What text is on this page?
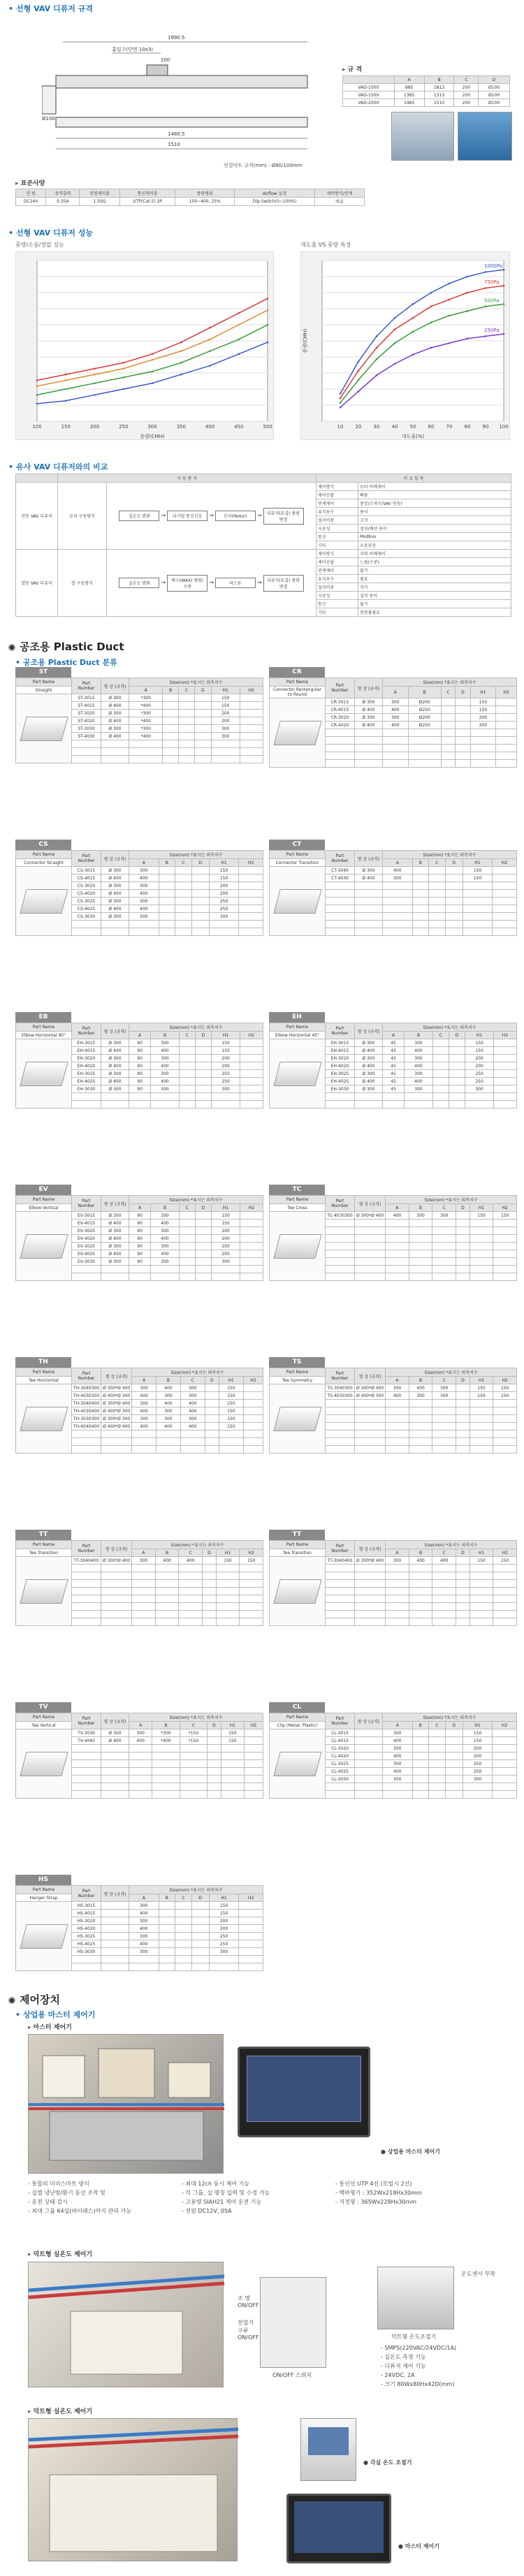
• 선형 VAV 디퓨저 규격
1990.5
흡입구(단면 10x3)
200
1480.5
1510
Ø100
연결덕트 규격(mm) : Ø80/100mm
▸ 규 격
	A	B	C	D
VAD-1000	885	1813	200	Ø100
VAD-1500	1385	1313	200	Ø100
VAD-2000	1485	1510	200	Ø100
▸ 표준사양
전 원	정격출력	전원케이블	통신케이블	풍량범위	Airflow 설정	제어방식/연계
DC24V	0.35A	1.5SQ	UTP(Cat.5) 2P	100~400, 25%	Dip Switch(0~100%)	액츄
• 선형 VAV 디퓨저 성능
풍량/소음/정압 성능	개도율 VS 풍량 특성
100	150	200	250	300	350	400	450	500
풍량(CMH)
10 20 30 40 50 60 70 80 90 100
개도율(%)
풍량(CMH)
1000Pa
750Pa
500Pa
250Pa
• 유사 VAV 디퓨저와의 비교
	작 동 방 식		비 교 항 목	
전동 VAV 디퓨저	모터 구동방식	실온도 변화 → 디지털 통신신호 → 모터(Motor) → 디퓨저(토출) 풍량변경	제어방식	모터 비례제어
			제어응답	빠름
			연계제어	중앙/스마트(VAV 연동)
			유지보수	용이
			설치비용	고가
			시공성	설치/배선 용이
			통신	Modbus
			기타	소음낮음
열동 VAV 디퓨저	열 구동방식	실온도 변화 → 왁스(WAX) 팽창/수축→ 피스톤 → 디퓨저(토출) 풍량변경	제어방식	자력 비례제어
			제어응답	느림(수분)
			연계제어	불가
			유지보수	필요
			설치비용	저가
			시공성	설치 용이
			통신	불가
			기타	전원불필요
공조용 Plastic Duct
• 공조용 Plastic Duct 분류
ST
Part Name	Part Number	형 상 (규격)	Size(mm) *표시는 외측치수					
Straight			A	B	C	D	H1	H2

	ST-3015	Ø 300	*300				150	
	ST-4015	Ø 400	*400				150	
	ST-3020	Ø 300	*300				200	
	ST-4020	Ø 400	*400				200	
	ST-3030	Ø 300	*300				300	
	ST-4030	Ø 400	*400				300	

CR
Part Name	Part Number	형 상 (규격)	Size(mm) *표시는 외측치수					
Connector Rectangular to Round			A	B	C	D	H1	H2

	CR-3015	Ø 300	300	Ø200			150	
	CR-4015	Ø 400	400	Ø250			150	
	CR-3020	Ø 300	300	Ø200			200	
	CR-4020	Ø 400	400	Ø250			200	

CS
Part Name	Part Number	형 상 (규격)	Size(mm) *표시는 외측치수					
Connector Straight			A	B	C	D	H1	H2

	CS-3015	Ø 300	300				150	
	CS-4015	Ø 400	400				150	
	CS-3020	Ø 300	300				200	
	CS-4020	Ø 400	400				200	
	CS-3025	Ø 300	300				250	
	CS-4025	Ø 400	400				250	
	CS-3030	Ø 300	300				300	

CT
Part Name	Part Number	형 상 (규격)	Size(mm) *표시는 외측치수					
Connector Transition			A	B	C	D	H1	H2

	CT-3040	Ø 300	400				150	
	CT-4030	Ø 400	300				150	

EB
Part Name	Part Number	형 상 (규격)	Size(mm) *표시는 외측치수					
Elbow Horizontal 90°			A	B	C	D	H1	H2

	EH-3015	Ø 300	90	300			150	
	EH-4015	Ø 400	90	400			150	
	EH-3020	Ø 300	90	300			200	
	EH-4020	Ø 400	90	400			200	
	EH-3025	Ø 300	90	300			250	
	EH-4025	Ø 400	90	400			250	
	EH-3030	Ø 300	90	300			300	

EH
Part Name	Part Number	형 상 (규격)	Size(mm) *표시는 외측치수					
Elbow Horizontal 45°			A	B	C	D	H1	H2

	EH-3015	Ø 300	45	300			150	
	EH-4015	Ø 400	45	400			150	
	EH-3020	Ø 300	45	300			200	
	EH-4020	Ø 400	45	400			200	
	EH-3025	Ø 300	45	300			250	
	EH-4025	Ø 400	45	400			250	
	EH-3030	Ø 300	45	300			300	

EV
Part Name	Part Number	형 상 (규격)	Size(mm) *표시는 외측치수					
Elbow Vertical			A	B	C	D	H1	H2

	EV-3015	Ø 300	90	300			150	
	EV-4015	Ø 400	90	400			150	
	EV-3020	Ø 300	90	300			200	
	EV-4020	Ø 400	90	400			200	
	EV-3025	Ø 300	90	300			250	
	EV-4025	Ø 400	90	400			250	
	EV-3030	Ø 300	90	300			300	

TC
Part Name	Part Number	형 상 (규격)	Size(mm) *표시는 외측치수					
Tee Cross			A	B	C	D	H1	H2

	TC-4030300	Ø 300*Ø 400	400	300	300		150	150

TH
Part Name	Part Number	형 상 (규격)	Size(mm) *표시는 외측치수					
Tee Horizontal			A	B	C	D	H1	H2

	TH-3040300	Ø 300*Ø 400	300	400	300		150	
	TH-4030300	Ø 400*Ø 300	400	300	300		150	
	TH-3040400	Ø 300*Ø 400	300	400	400		150	
	TH-4030400	Ø 400*Ø 300	400	300	400		150	
	TH-3030300	Ø 300*Ø 300	300	300	300		150	
	TH-4040400	Ø 400*Ø 400	400	400	400		150	

TS
Part Name	Part Number	형 상 (규격)	Size(mm) *표시는 외측치수					
Tee Symmetry			A	B	C	D	H1	H2

	TS-3040300	Ø 300*Ø 400	300	400	300		150	150
	TS-4030300	Ø 400*Ø 300	400	300	300		150	150

TT
Part Name	Part Number	형 상 (규격)	Size(mm) *표시는 외측치수					
Tee Transition			A	B	C	D	H1	H2

	TT-3040400	Ø 300*Ø 400	300	400	400		150	150

TT
Part Name	Part Number	형 상 (규격)	Size(mm) *표시는 외측치수					
Tee Transition			A	B	C	D	H1	H2

	TT-3040400	Ø 300*Ø 400	300	400	400		150	150

TV
Part Name	Part Number	형 상 (규격)	Size(mm) *표시는 외측치수					
Tee Vertical			A	B	C	D	H1	H2

	TV-3030	Ø 300	300	*300	*150		150	
	TV-4040	Ø 400	400	*400	*150		150	

CL
Part Name	Part Number	형 상 (규격)	Size(mm) *표시는 외측치수					
Clip (Metal, Plastic)			A	B	C	D	H1	H2

	CL-3015		300				150	
	CL-4015		400				150	
	CL-3020		300				200	
	CL-4020		400				200	
	CL-3025		300				250	
	CL-4025		400				250	
	CL-3030		300				300	

HS
Part Name	Part Number	형 상 (규격)	Size(mm) *표시는 외측치수					
Hanger Strap			A	B	C	D	H1	H2

	HS-3015		300				150	
	HS-4015		400				150	
	HS-3020		300				200	
	HS-4020		400				200	
	HS-3025		300				250	
	HS-4025		400				250	
	HS-3030		300				300	

제어장치
• 상업용 마스터 제어기
▸ 마스터 제어기
● 상업용 마스터 제어기
- 통합의 미러스마트 방식
- 실별 냉난방/환기 동선 조작 및
- 운전 상태 감시
- 최대 그룹 64실(바이패스)까지 관리 가능
- 최대 12ch 동시 제어 기능
- 각 그룹, 실 명칭 입력 및 수정 가능
- 고용량 SIAH21 제어 운전 기능
- 전원 DC12V, 05A
- 통신선 UTP 4선 (모빌시 2선)
- 백바형기 : 352Wx218Hx30mm
- 지정형 : 365Wx228Hx30mm
▸ 덕트형 실온도 제어기
조 명 ON/OFF
전열기구류 ON/OFF
ON/OFF 스위치
온도센서 부착
덕트형 온도조절기
- SMPS(220VAC/24VDC/1A)
- 실온도 측정 기능
- 디퓨져 제어 기능
- 24VDC, 2A
- 크기 80Wx80Hx42D(mm)
▸ 덕트형 실온도 제어기
● 각실 온도 조절기
● 마스터 제어기
